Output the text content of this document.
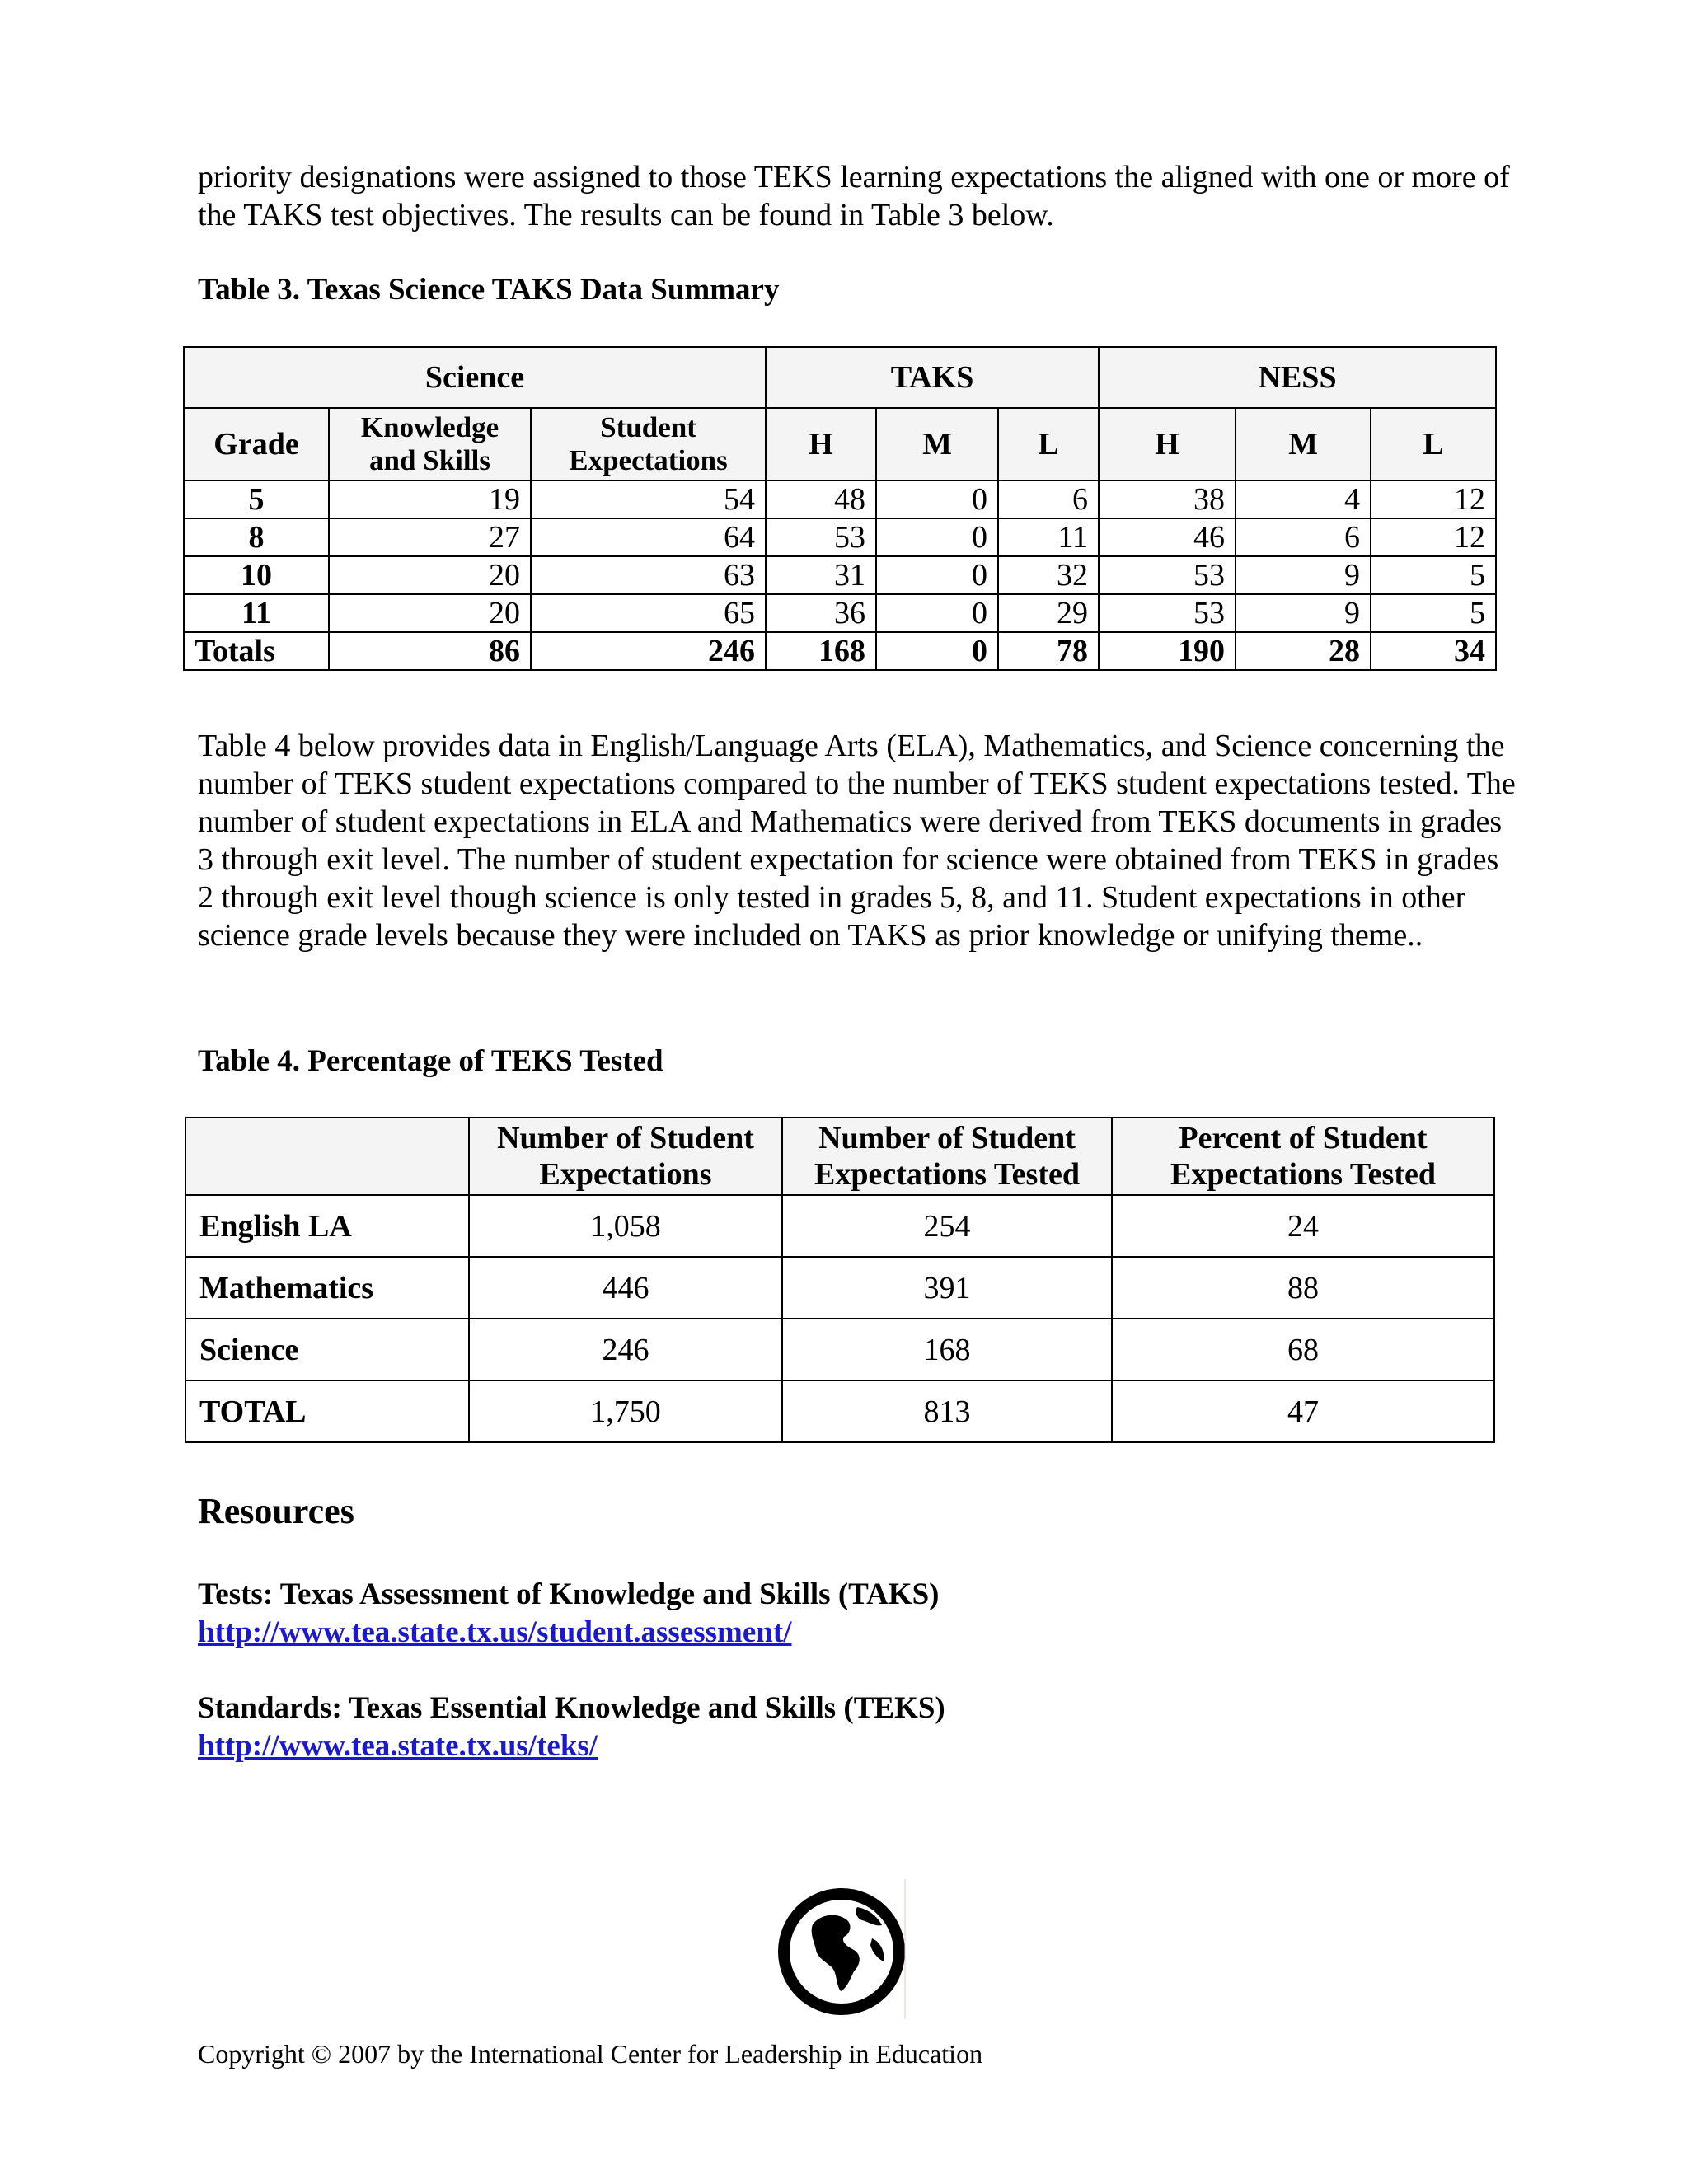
priority designations were assigned to those TEKS learning expectations the aligned with one or more of the TAKS test objectives. The results can be found in Table 3 below.

Table 3. Texas Science TAKS Data Summary

Science			TAKS			NESS		
Grade	Knowledge and Skills	Student Expectations	H	M	L	H	M	L
5	19	54	48	0	6	38	4	12
8	27	64	53	0	11	46	6	12
10	20	63	31	0	32	53	9	5
11	20	65	36	0	29	53	9	5
Totals	86	246	168	0	78	190	28	34

Table 4 below provides data in English/Language Arts (ELA), Mathematics, and Science concerning the number of TEKS student expectations compared to the number of TEKS student expectations tested. The number of student expectations in ELA and Mathematics were derived from TEKS documents in grades 3 through exit level. The number of student expectation for science were obtained from TEKS in grades 2 through exit level though science is only tested in grades 5, 8, and 11. Student expectations in other science grade levels because they were included on TAKS as prior knowledge or unifying theme..

Table 4. Percentage of TEKS Tested

	Number of Student Expectations	Number of Student Expectations Tested	Percent of Student Expectations Tested
English LA	1,058	254	24
Mathematics	446	391	88
Science	246	168	68
TOTAL	1,750	813	47

Resources

Tests: Texas Assessment of Knowledge and Skills (TAKS)

http://www.tea.state.tx.us/student.assessment/

Standards: Texas Essential Knowledge and Skills (TEKS)

http://www.tea.state.tx.us/teks/

Copyright © 2007 by the International Center for Leadership in Education
